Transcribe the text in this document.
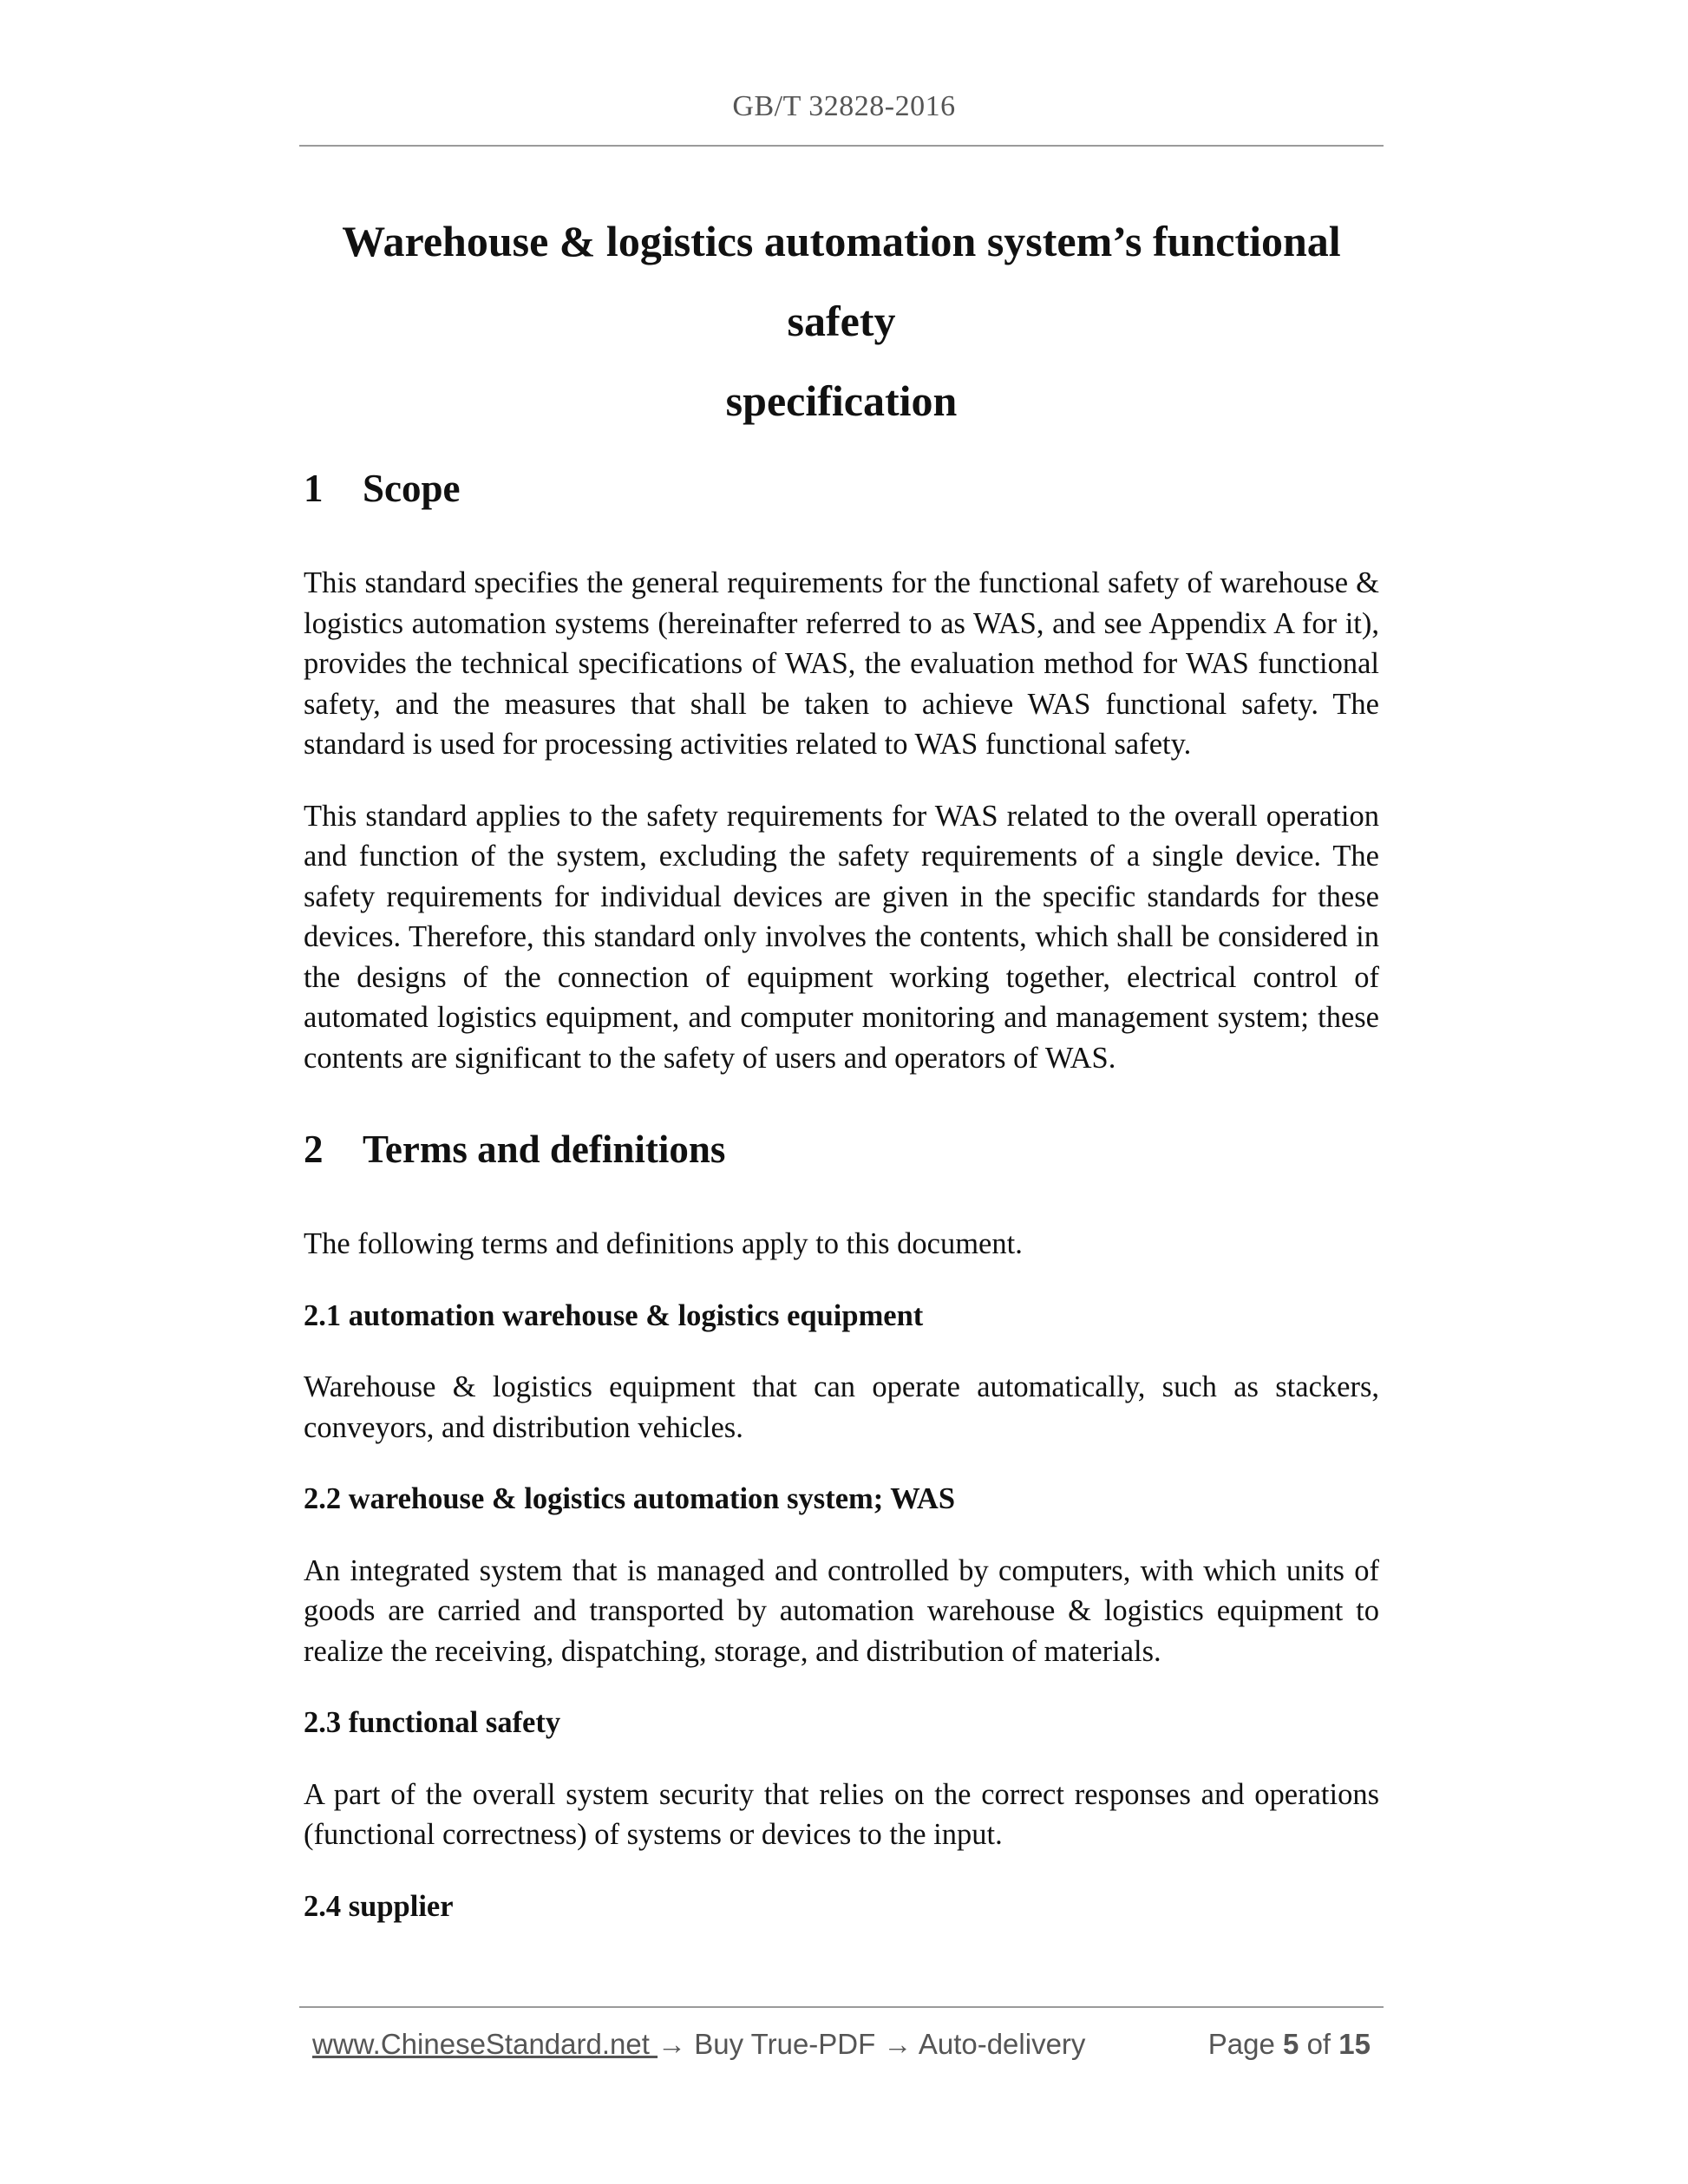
GB/T 32828-2016

Warehouse & logistics automation system’s functional safety

specification

1	Scope

This standard specifies the general requirements for the functional safety of warehouse & logistics automation systems (hereinafter referred to as WAS, and see Appendix A for it), provides the technical specifications of WAS, the evaluation method for WAS functional safety, and the measures that shall be taken to achieve WAS functional safety. The standard is used for processing activities related to WAS functional safety.

This standard applies to the safety requirements for WAS related to the overall operation and function of the system, excluding the safety requirements of a single device. The safety requirements for individual devices are given in the specific standards for these devices. Therefore, this standard only involves the contents, which shall be considered in the designs of the connection of equipment working together, electrical control of automated logistics equipment, and computer monitoring and management system; these contents are significant to the safety of users and operators of WAS.

2	Terms and definitions

The following terms and definitions apply to this document.

2.1 automation warehouse & logistics equipment

Warehouse & logistics equipment that can operate automatically, such as stackers, conveyors, and distribution vehicles.

2.2 warehouse & logistics automation system; WAS

An integrated system that is managed and controlled by computers, with which units of goods are carried and transported by automation warehouse & logistics equipment to realize the receiving, dispatching, storage, and distribution of materials.

2.3 functional safety

A part of the overall system security that relies on the correct responses and operations (functional correctness) of systems or devices to the input.

2.4 supplier

www.ChineseStandard.net → Buy True-PDF → Auto-delivery	Page 5 of 15
